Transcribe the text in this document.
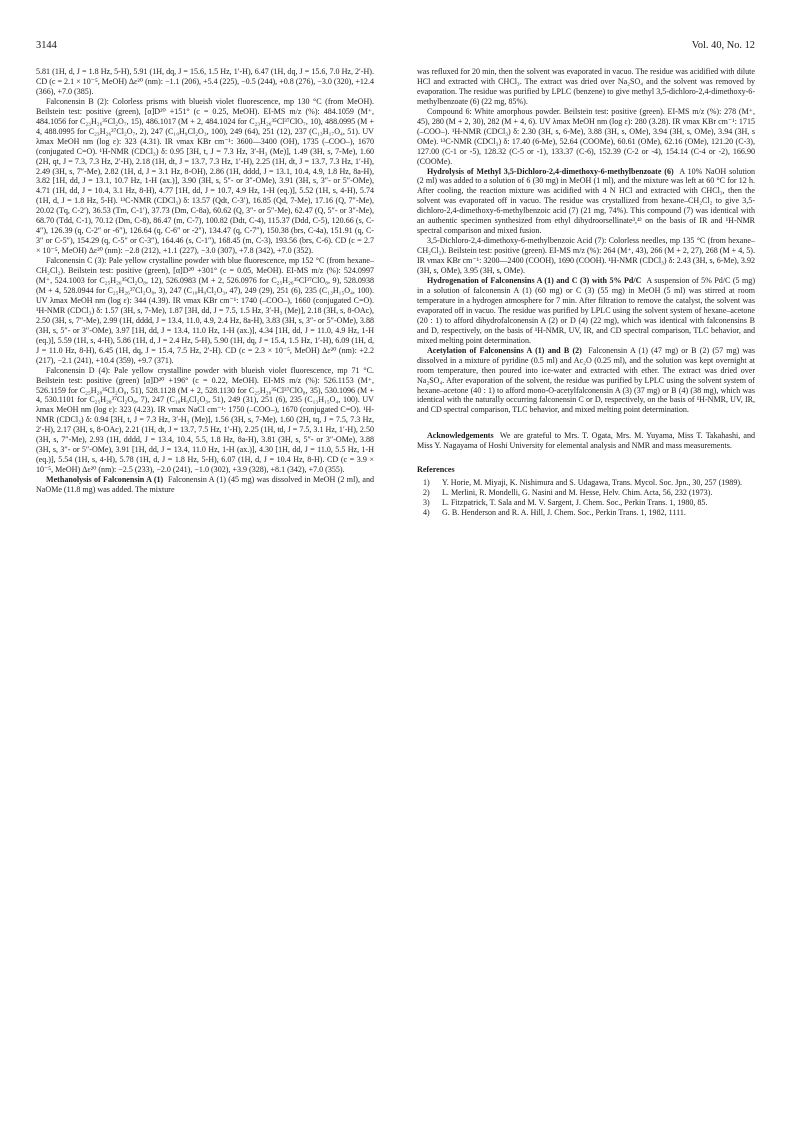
3144	Vol. 40, No. 12

5.81 (1H, d, J = 1.8 Hz, 5-H), 5.91 (1H, dq, J = 15.6, 1.5 Hz, 1′-H), 6.47 (1H, dq, J = 15.6, 7.0 Hz, 2′-H). CD (c = 2.1 × 10⁻⁵, MeOH) Δε²⁰ (nm): −1.1 (206), +5.4 (225), −0.5 (244), +0.8 (276), −3.0 (320), +12.4 (366), +7.0 (385).

Falconensin B (2): Colorless prisms with blueish violet fluorescence, mp 130 °C (from MeOH). Beilstein test: positive (green), [α]D²⁰ +151° (c = 0.25, MeOH). EI-MS m/z (%): 484.1059 (M⁺, 484.1056 for C₂₃H₂₆³⁵Cl₂O₇, 15), 486.1017 (M + 2, 484.1024 for C₂₃H₂₆³⁵Cl³⁷ClO₇, 10), 488.0995 (M + 4, 488.0995 for C₂₃H₂₆³⁷Cl₂O₇, 2), 247 (C₁₀H₉Cl₂O₃, 100), 249 (64), 251 (12), 237 (C₁₃H₁₇O₄, 51). UV λmax MeOH nm (log ε): 323 (4.31). IR νmax KBr cm⁻¹: 3600—3400 (OH), 1735 (–COO–), 1670 (conjugated C=O). ¹H-NMR (CDCl₃) δ: 0.95 [3H, t, J = 7.3 Hz, 3′-H₃ (Me)], 1.49 (3H, s, 7-Me), 1.60 (2H, qt, J = 7.3, 7.3 Hz, 2′-H), 2.18 (1H, dt, J = 13.7, 7.3 Hz, 1′-H), 2.25 (1H, dt, J = 13.7, 7.3 Hz, 1′-H), 2.49 (3H, s, 7″-Me), 2.82 (1H, d, J = 3.1 Hz, 8-OH), 2.86 (1H, dddd, J = 13.1, 10.4, 4.9, 1.8 Hz, 8a-H), 3.82 [1H, dd, J = 13.1, 10.7 Hz, 1-H (ax.)], 3.90 (3H, s, 5″- or 3″-OMe), 3.91 (3H, s, 3″- or 5″-OMe), 4.71 (1H, dd, J = 10.4, 3.1 Hz, 8-H), 4.77 [1H, dd, J = 10.7, 4.9 Hz, 1-H (eq.)], 5.52 (1H, s, 4-H), 5.74 (1H, d, J = 1.8 Hz, 5-H). ¹³C-NMR (CDCl₃) δ: 13.57 (Qdt, C-3′), 16.85 (Qd, 7-Me), 17.16 (Q, 7″-Me), 20.02 (Tq, C-2′), 36.53 (Tm, C-1′), 37.73 (Dm, C-8a), 60.62 (Q, 3″- or 5″-Me), 62.47 (Q, 5″- or 3″-Me), 68.70 (Tdd, C-1), 70.12 (Dm, C-8), 86.47 (m, C-7), 100.82 (Ddt, C-4), 115.37 (Ddd, C-5), 120.66 (s, C-4″), 126.39 (q, C-2″ or -6″), 126.64 (q, C-6″ or -2″), 134.47 (q, C-7″), 150.38 (brs, C-4a), 151.91 (q, C-3″ or C-5″), 154.29 (q, C-5″ or C-3″), 164.46 (s, C-1″), 168.45 (m, C-3), 193.56 (brs, C-6). CD (c = 2.7 × 10⁻⁵, MeOH) Δε²⁰ (nm): −2.8 (212), +1.1 (227), −3.0 (307), +7.8 (342), +7.0 (352).

Falconensin C (3): Pale yellow crystalline powder with blue fluorescence, mp 152 °C (from hexane–CH₂Cl₂). Beilstein test: positive (green), [α]D²⁰ +301° (c = 0.05, MeOH). EI-MS m/z (%): 524.0997 (M⁺, 524.1003 for C₂₅H₂₆³⁵Cl₂O₈, 12), 526.0983 (M + 2, 526.0976 for C₂₅H₂₆³⁵Cl³⁷ClO₈, 9), 528.0938 (M + 4, 528.0944 for C₂₅H₂₆³⁷Cl₂O₈, 3), 247 (C₁₀H₉Cl₂O₃, 47), 249 (29), 251 (6), 235 (C₁₃H₁₅O₄, 100). UV λmax MeOH nm (log ε): 344 (4.39). IR νmax KBr cm⁻¹: 1740 (–COO–), 1660 (conjugated C=O). ¹H-NMR (CDCl₃) δ: 1.57 (3H, s, 7-Me), 1.87 [3H, dd, J = 7.5, 1.5 Hz, 3′-H₃ (Me)], 2.18 (3H, s, 8-OAc), 2.50 (3H, s, 7″-Me), 2.99 (1H, dddd, J = 13.4, 11.0, 4.9, 2.4 Hz, 8a-H), 3.83 (3H, s, 3″- or 5″-OMe), 3.88 (3H, s, 5″- or 3″-OMe), 3.97 [1H, dd, J = 13.4, 11.0 Hz, 1-H (ax.)], 4.34 [1H, dd, J = 11.0, 4.9 Hz, 1-H (eq.)], 5.59 (1H, s, 4-H), 5.86 (1H, d, J = 2.4 Hz, 5-H), 5.90 (1H, dq, J = 15.4, 1.5 Hz, 1′-H), 6.09 (1H, d, J = 11.0 Hz, 8-H), 6.45 (1H, dq, J = 15.4, 7.5 Hz, 2′-H). CD (c = 2.3 × 10⁻⁵, MeOH) Δε²⁰ (nm): +2.2 (217), −2.1 (241), +10.4 (359), +9.7 (371).

Falconensin D (4): Pale yellow crystalline powder with blueish violet fluorescence, mp 71 °C. Beilstein test: positive (green) [α]D²⁰ +196° (c = 0.22, MeOH). EI-MS m/z (%): 526.1153 (M⁺, 526.1159 for C₂₅H₂₈³⁵Cl₂O₈, 51), 528.1128 (M + 2, 528.1130 for C₂₅H₂₈³⁵Cl³⁷ClO₈, 35), 530.1096 (M + 4, 530.1101 for C₂₅H₂₈³⁷Cl₂O₈, 7), 247 (C₁₀H₉Cl₂O₃, 51), 249 (31), 251 (6), 235 (C₁₃H₁₅O₄, 100). UV λmax MeOH nm (log ε): 323 (4.23). IR νmax NaCl cm⁻¹: 1750 (–COO–), 1670 (conjugated C=O). ¹H-NMR (CDCl₃) δ: 0.94 [3H, t, J = 7.3 Hz, 3′-H₃ (Me)], 1.56 (3H, s, 7-Me), 1.60 (2H, tq, J = 7.5, 7.3 Hz, 2′-H), 2.17 (3H, s, 8-OAc), 2.21 (1H, dt, J = 13.7, 7.5 Hz, 1′-H), 2.25 (1H, td, J = 7.5, 3.1 Hz, 1′-H), 2.50 (3H, s, 7″-Me), 2.93 (1H, dddd, J = 13.4, 10.4, 5.5, 1.8 Hz, 8a-H), 3.81 (3H, s, 5″- or 3″-OMe), 3.88 (3H, s, 3″- or 5″-OMe), 3.91 [1H, dd, J = 13.4, 11.0 Hz, 1-H (ax.)], 4.30 [1H, dd, J = 11.0, 5.5 Hz, 1-H (eq.)], 5.54 (1H, s, 4-H), 5.78 (1H, d, J = 1.8 Hz, 5-H), 6.07 (1H, d, J = 10.4 Hz, 8-H). CD (c = 3.9 × 10⁻⁵, MeOH) Δε²⁰ (nm): −2.5 (233), −2.0 (241), −1.0 (302), +3.9 (328), +8.1 (342), +7.0 (355).

Methanolysis of Falconensin A (1) Falconensin A (1) (45 mg) was dissolved in MeOH (2 ml), and NaOMe (11.8 mg) was added. The mixture

was refluxed for 20 min, then the solvent was evaporated in vacuo. The residue was acidified with dilute HCl and extracted with CHCl₃. The extract was dried over Na₂SO₄ and the solvent was removed by evaporation. The residue was purified by LPLC (benzene) to give methyl 3,5-dichloro-2,4-dimethoxy-6-methylbenzoate (6) (22 mg, 85%).

Compound 6: White amorphous powder. Beilstein test: positive (green). EI-MS m/z (%): 278 (M⁺, 45), 280 (M + 2, 30), 282 (M + 4, 6). UV λmax MeOH nm (log ε): 280 (3.28). IR νmax KBr cm⁻¹: 1715 (–COO–). ¹H-NMR (CDCl₃) δ: 2.30 (3H, s, 6-Me), 3.88 (3H, s, OMe), 3.94 (3H, s, OMe), 3.94 (3H, s OMe). ¹³C-NMR (CDCl₃) δ: 17.40 (6-Me), 52.64 (COOMe), 60.61 (OMe), 62.16 (OMe), 121.20 (C-3), 127.00 (C-1 or -5), 128.32 (C-5 or -1), 133.37 (C-6), 152.39 (C-2 or -4), 154.14 (C-4 or -2), 166.90 (COOMe).

Hydrolysis of Methyl 3,5-Dichloro-2,4-dimethoxy-6-methylbenzoate (6) A 10% NaOH solution (2 ml) was added to a solution of 6 (30 mg) in MeOH (1 ml), and the mixture was left at 60 °C for 12 h. After cooling, the reaction mixture was acidified with 4 N HCl and extracted with CHCl₃, then the solvent was evaporated off in vacuo. The residue was crystallized from hexane–CH₂Cl₂ to give 3,5-dichloro-2,4-dimethoxy-6-methylbenzoic acid (7) (21 mg, 74%). This compound (7) was identical with an authentic specimen synthesized from ethyl dihydroorsellinate³,⁴⁾ on the basis of IR and ¹H-NMR spectral comparison and mixed fusion.

3,5-Dichloro-2,4-dimethoxy-6-methylbenzoic Acid (7): Colorless needles, mp 135 °C (from hexane–CH₂Cl₂). Beilstein test: positive (green). EI-MS m/z (%): 264 (M⁺, 43), 266 (M + 2, 27), 268 (M + 4, 5). IR νmax KBr cm⁻¹: 3200—2400 (COOH), 1690 (COOH). ¹H-NMR (CDCl₃) δ: 2.43 (3H, s, 6-Me), 3.92 (3H, s, OMe), 3.95 (3H, s, OMe).

Hydrogenation of Falconensins A (1) and C (3) with 5% Pd/C A suspension of 5% Pd/C (5 mg) in a solution of falconensin A (1) (60 mg) or C (3) (55 mg) in MeOH (5 ml) was stirred at room temperature in a hydrogen atmosphere for 7 min. After filtration to remove the catalyst, the solvent was evaporated off in vacuo. The residue was purified by LPLC using the solvent system of hexane–acetone (20 : 1) to afford dihydrofalconensin A (2) or D (4) (22 mg), which was identical with falconensins B and D, respectively, on the basis of ¹H-NMR, UV, IR, and CD spectral comparison, TLC behavior, and mixed melting point determination.

Acetylation of Falconensins A (1) and B (2) Falconensin A (1) (47 mg) or B (2) (57 mg) was dissolved in a mixture of pyridine (0.5 ml) and Ac₂O (0.25 ml), and the solution was kept overnight at room temperature, then poured into ice-water and extracted with ether. The extract was dried over Na₂SO₄. After evaporation of the solvent, the residue was purified by LPLC using the solvent system of hexane–acetone (40 : 1) to afford mono-O-acetylfalconensin A (3) (37 mg) or B (4) (38 mg), which was identical with the naturally occurring falconensin C or D, respectively, on the basis of ¹H-NMR, UV, IR, and CD spectral comparison, TLC behavior, and mixed melting point determination.

Acknowledgements We are grateful to Mrs. T. Ogata, Mrs. M. Yuyama, Miss T. Takahashi, and Miss Y. Nagayama of Hoshi University for elemental analysis and NMR and mass measurements.

References
1) Y. Horie, M. Miyaji, K. Nishimura and S. Udagawa, Trans. Mycol. Soc. Jpn., 30, 257 (1989).
2) L. Merlini, R. Mondelli, G. Nasini and M. Hesse, Helv. Chim. Acta, 56, 232 (1973).
3) L. Fitzpatrick, T. Sala and M. V. Sargent, J. Chem. Soc., Perkin Trans. 1, 1980, 85.
4) G. B. Henderson and R. A. Hill, J. Chem. Soc., Perkin Trans. 1, 1982, 1111.
